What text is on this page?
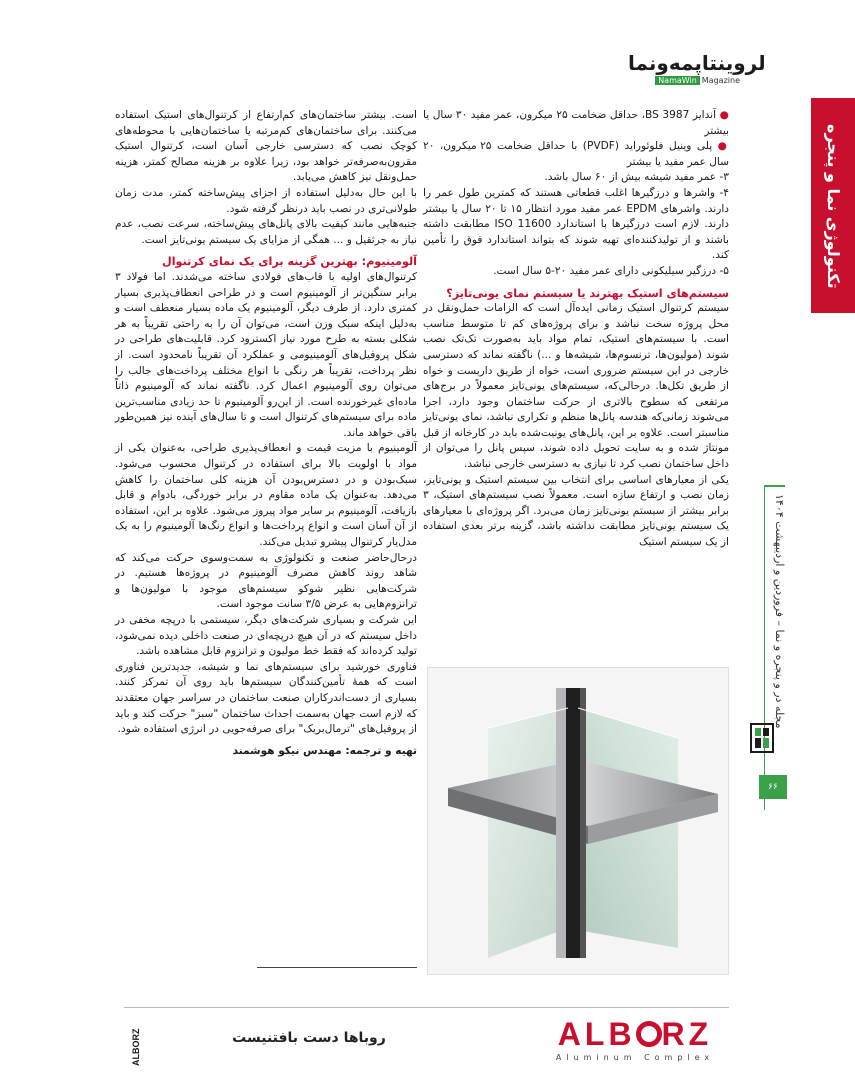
لروینتاپمه‌و‌نما
NamaWin Magazine
تکنولوژی نما و پنجره
مجله در و پنجره و نما – فروردین و اردیبهشت ۱۴۰۴
۶۶

● آندایز 3987 BS، حداقل ضخامت ۲۵ میکرون، عمر مفید ۳۰ سال یا بیشتر

● پلی وینیل فلوئوراید (PVDF) با حداقل ضخامت ۲۵ میکرون، ۲۰ سال عمر مفید یا بیشتر

۳- عمر مفید شیشه بیش از ۶۰ سال باشد.

۴- واشرها و درزگیرها اغلب قطعاتی هستند که کمترین طول عمر را دارند. واشرهای EPDM عمر مفید مورد انتظار ۱۵ تا ۲۰ سال یا بیشتر دارند. لازم است درزگیرها با استاندارد ISO 11600 مطابقت داشته باشند و از تولیدکننده‌ای تهیه شوند که بتواند استاندارد فوق را تأمین کند.

۵- درزگیر سیلیکونی دارای عمر مفید ۲۰-۵ سال است.

سیستم‌های استیک بهترند یا سیستم نمای یونی‌تایز؟

سیستم کرتنوال استیک زمانی ایده‌آل است که الزامات حمل‌ونقل در محل پروژه سخت نباشد و برای پروژه‌های کم تا متوسط مناسب است. با سیستم‌های استیک، تمام مواد باید به‌صورت تک‌تک نصب شوند (مولیون‌ها، ترنسوم‌ها، شیشه‌ها و ...) ناگفته نماند که دسترسی خارجی در این سیستم ضروری است، خواه از طریق داربست و خواه از طریق تکل‌ها. درحالی‌که، سیستم‌های یونی‌تایز معمولاً در برج‌های مرتفعی که سطوح بالاتری از حرکت ساختمان وجود دارد، اجرا می‌شوند زمانی‌که هندسه پانل‌ها منظم و تکراری نباشد، نمای یونی‌تایز مناسبتر است. علاوه بر این، پانل‌های یونیت‌شده باید در کارخانه از قبل مونتاژ شده و به سایت تحویل داده شوند، سپس پانل را می‌توان از داخل ساختمان نصب کرد تا نیازی به دسترسی خارجی نباشد.

یکی از معیارهای اساسی برای انتخاب بین سیستم استیک و یونی‌تایز، زمان نصب و ارتفاع سازه است. معمولاً نصب سیستم‌های استیک، ۳ برابر بیشتر از سیستم یونی‌تایز زمان می‌برد. اگر پروژه‌ای با معیارهای یک سیستم یونی‌تایز مطابقت نداشته باشد، گزینه برتر بعدی استفاده از یک سیستم استیک

است. بیشتر ساختمان‌های کم‌ارتفاع از کرتنوال‌های استیک استفاده می‌کنند. برای ساختمان‌های کم‌مرتبه یا ساختمان‌هایی با محوطه‌های کوچک نصب که دسترسی خارجی آسان است، کرتنوال استیک مقرون‌به‌صرفه‌تر خواهد بود، زیرا علاوه بر هزینه مصالح کمتر، هزینه حمل‌ونقل نیز کاهش می‌یابد.

با این حال به‌دلیل استفاده از اجزای پیش‌ساخته کمتر، مدت زمان طولانی‌تری در نصب باید درنظر گرفته شود.

جنبه‌هایی مانند کیفیت بالای پانل‌های پیش‌ساخته، سرعت نصب، عدم نیاز به جرثقیل و ... همگی از مزایای یک سیستم یونی‌تایز است.

آلومینیوم: بهترین گزینه برای یک نمای کرتنوال

کرتنوال‌های اولیه با قاب‌های فولادی ساخته می‌شدند. اما فولاد ۳ برابر سنگین‌تر از آلومینیوم است و در طراحی انعطاف‌پذیری بسیار کمتری دارد. از طرف دیگر، آلومینیوم یک ماده بسیار منعطف است و به‌دلیل اینکه سبک وزن است، می‌توان آن را به راحتی تقریباً به هر شکلی بسته به طرح مورد نیاز اکسترود کرد. قابلیت‌های طراحی در شکل پروفیل‌های آلومینیومی و عملکرد آن تقریباً نامحدود است. از نظر پرداخت، تقریباً هر رنگی با انواع مختلف پرداخت‌های جالب را می‌توان روی آلومینیوم اعمال کرد. ناگفته نماند که آلومینیوم ذاتاً ماده‌ای غیرخورنده است. از این‌رو آلومینیوم تا حد زیادی مناسب‌ترین ماده برای سیستم‌های کرتنوال است و تا سال‌های آینده نیز همین‌طور باقی خواهد ماند.

آلومینیوم با مزیت قیمت و انعطاف‌پذیری طراحی، به‌عنوان یکی از مواد با اولویت بالا برای استفاده در کرتنوال محسوب می‌شود. سبک‌بودن و در دسترس‌بودن آن هزینه کلی ساختمان را کاهش می‌دهد. به‌عنوان یک ماده مقاوم در برابر خوردگی، بادوام و قابل بازیافت، آلومینیوم بر سایر مواد پیروز می‌شود. علاوه بر این، استفاده از آن آسان است و انواع پرداخت‌ها و انواع رنگ‌ها آلومینیوم را به یک مدل‌یار کرتنوال پیشرو تبدیل می‌کند.

درحال‌حاضر صنعت و تکنولوژی به سمت‌وسوی حرکت می‌کند که شاهد روند کاهش مصرف آلومینیوم در پروژه‌ها هستیم. در شرکت‌هایی نظیر شوکو سیستم‌های موجود با مولیون‌ها و ترانزوم‌هایی به عرض ۳/۵ سانت موجود است.

این شرکت و بسیاری شرکت‌های دیگر، سیستمی با درپچه مخفی در داخل سیستم که در آن هیچ درپچه‌ای در صنعت داخلی دیده نمی‌شود، تولید کرده‌اند که فقط خط مولیون و ترانزوم قابل مشاهده باشد.

فناوری خورشید برای سیستم‌های نما و شیشه، جدیدترین فناوری است که همهٔ تأمین‌کنندگان سیستم‌ها باید روی آن تمرکز کنند. بسیاری از دست‌اندرکاران صنعت ساختمان در سراسر جهان معتقدند که لازم است جهان به‌سمت احداث ساختمان "سبز" حرکت کند و باید از پروفیل‌های "ترمال‌بریک" برای صرفه‌جویی در انرژی استفاده شود.

تهیه و ترجمه: مهندس نیکو هوشمند

ALB RZ
Aluminum Complex
روباها دست بافتنیست
ALBORZ
